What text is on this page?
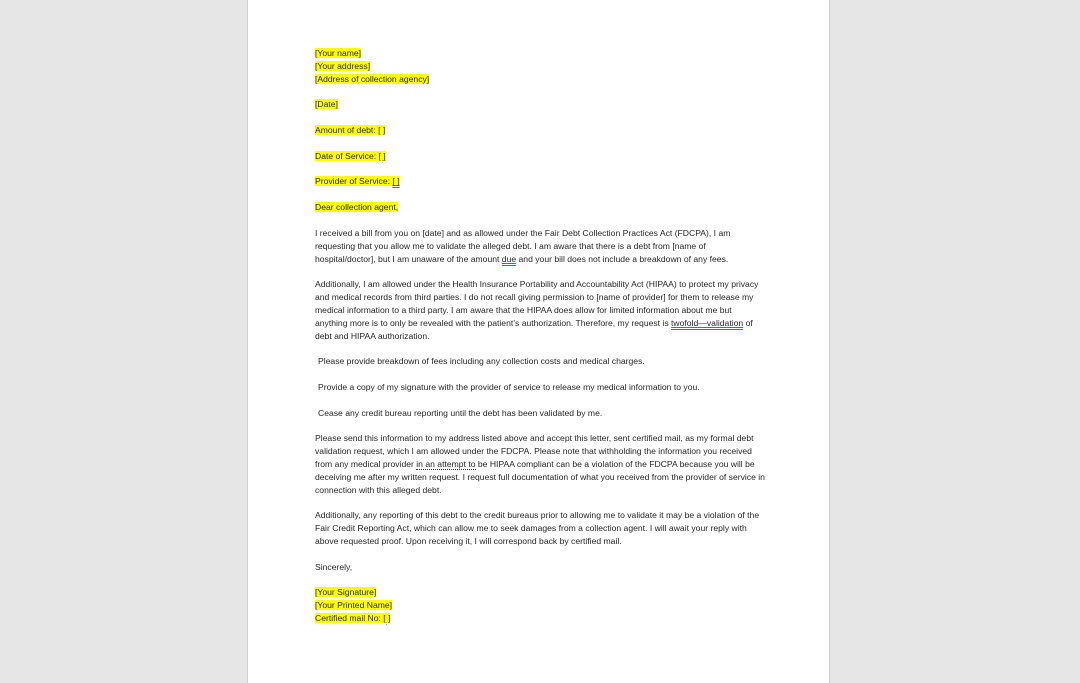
[Your name]

[Your address]

[Address of collection agency]

[Date]

Amount of debt: [ ]

Date of Service: [ ]

Provider of Service: [ ]

Dear collection agent,

I received a bill from you on [date] and as allowed under the Fair Debt Collection Practices Act (FDCPA), I am requesting that you allow me to validate the alleged debt. I am aware that there is a debt from [name of hospital/doctor], but I am unaware of the amount due and your bill does not include a breakdown of any fees.

Additionally, I am allowed under the Health Insurance Portability and Accountability Act (HIPAA) to protect my privacy and medical records from third parties. I do not recall giving permission to [name of provider] for them to release my medical information to a third party. I am aware that the HIPAA does allow for limited information about me but anything more is to only be revealed with the patient’s authorization. Therefore, my request is twofold—validation of debt and HIPAA authorization.

Please provide breakdown of fees including any collection costs and medical charges.

Provide a copy of my signature with the provider of service to release my medical information to you.

Cease any credit bureau reporting until the debt has been validated by me.

Please send this information to my address listed above and accept this letter, sent certified mail, as my formal debt validation request, which I am allowed under the FDCPA. Please note that withholding the information you received from any medical provider in an attempt to be HIPAA compliant can be a violation of the FDCPA because you will be deceiving me after my written request. I request full documentation of what you received from the provider of service in connection with this alleged debt.

Additionally, any reporting of this debt to the credit bureaus prior to allowing me to validate it may be a violation of the Fair Credit Reporting Act, which can allow me to seek damages from a collection agent. I will await your reply with above requested proof. Upon receiving it, I will correspond back by certified mail.

Sincerely,

[Your Signature]

[Your Printed Name]

Certified mail No: [ ]
